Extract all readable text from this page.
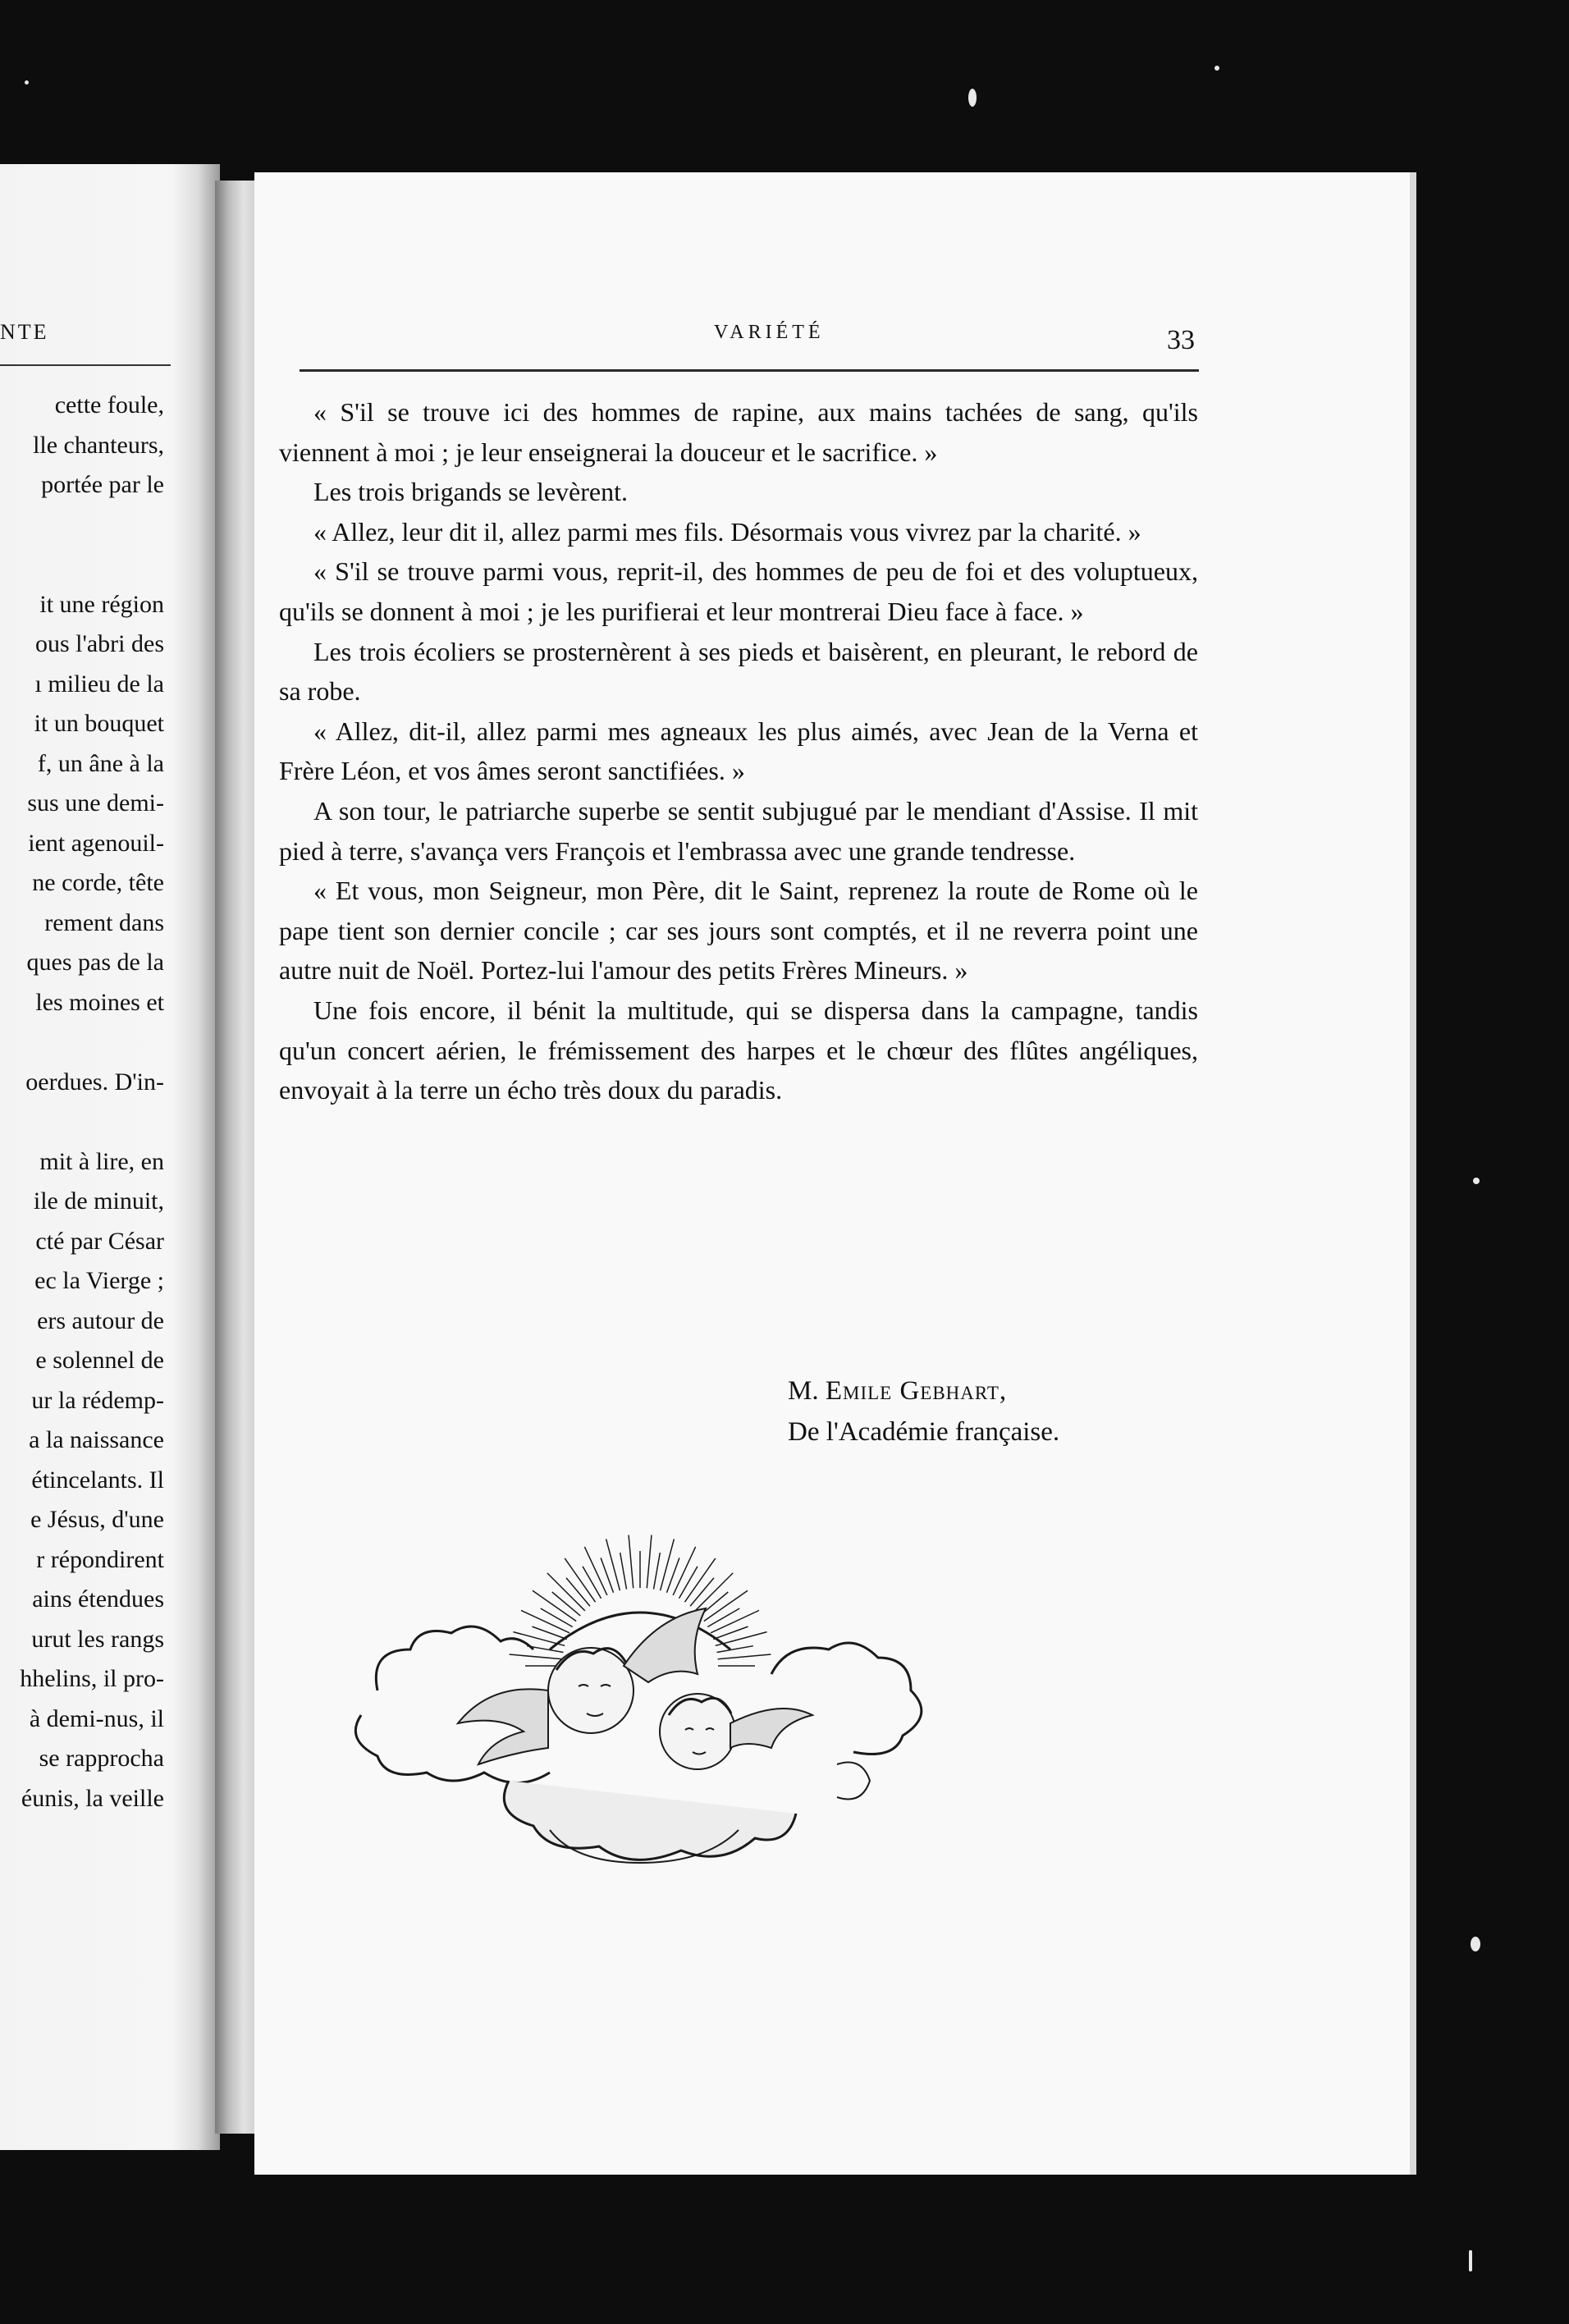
NTE
cette foule,
lle chanteurs,
portée par le
it une région
ous l'abri des
ı milieu de la
it un bouquet
f, un âne à la
sus une demi-
ient agenouil-
ne corde, tête
rement dans
ques pas de la
les moines et
oerdues. D'in-
mit à lire, en
ile de minuit,
cté par César
ec la Vierge ;
ers autour de
e solennel de
ur la rédemp-
a la naissance
étincelants. Il
e Jésus, d'une
r répondirent
ains étendues
urut les rangs
hhelins, il pro-
à demi-nus, il
se rapprocha
éunis, la veille
VARIÉTÉ	33

« S'il se trouve ici des hommes de rapine, aux mains tachées de sang, qu'ils viennent à moi ; je leur enseignerai la douceur et le sacrifice. »

Les trois brigands se levèrent.

« Allez, leur dit il, allez parmi mes fils. Désormais vous vivrez par la charité. »

« S'il se trouve parmi vous, reprit-il, des hommes de peu de foi et des voluptueux, qu'ils se donnent à moi ; je les purifierai et leur montrerai Dieu face à face. »

Les trois écoliers se prosternèrent à ses pieds et baisèrent, en pleurant, le rebord de sa robe.

« Allez, dit-il, allez parmi mes agneaux les plus aimés, avec Jean de la Verna et Frère Léon, et vos âmes seront sanctifiées. »

A son tour, le patriarche superbe se sentit subjugué par le mendiant d'Assise. Il mit pied à terre, s'avança vers François et l'embrassa avec une grande tendresse.

« Et vous, mon Seigneur, mon Père, dit le Saint, reprenez la route de Rome où le pape tient son dernier concile ; car ses jours sont comptés, et il ne reverra point une autre nuit de Noël. Portez-lui l'amour des petits Frères Mineurs. »

Une fois encore, il bénit la multitude, qui se dispersa dans la campagne, tandis qu'un concert aérien, le frémissement des harpes et le chœur des flûtes angéliques, envoyait à la terre un écho très doux du paradis.

M. Emile Gebhart,
De l'Académie française.
